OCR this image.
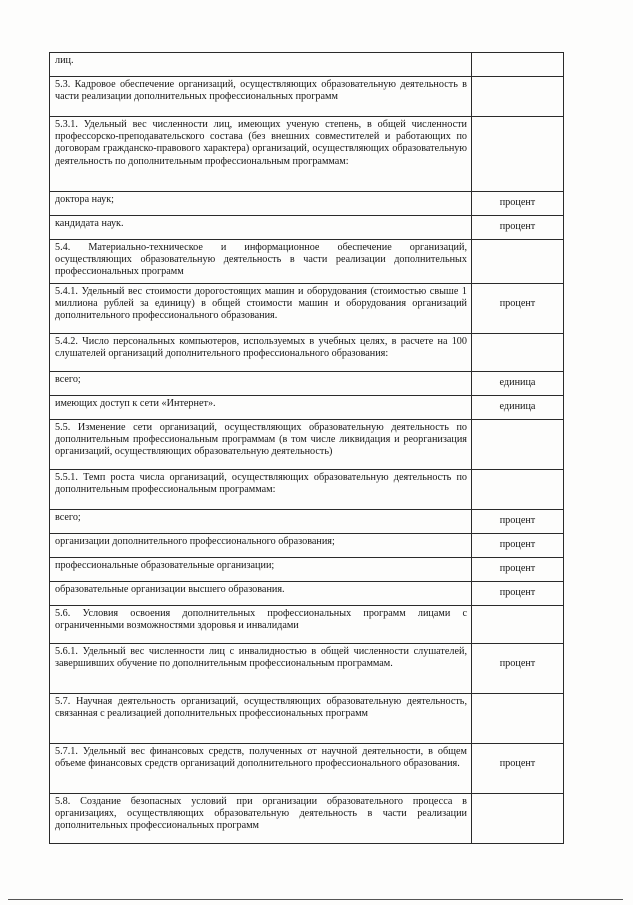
лиц.	
5.3. Кадровое обеспечение организаций, осуществляющих образовательную деятельность в части реализации дополнительных профессиональных программ	
5.3.1. Удельный вес численности лиц, имеющих ученую степень, в общей численности профессорско-преподавательского состава (без внешних совместителей и работающих по договорам гражданско-правового характера) организаций, осуществляющих образовательную деятельность по дополнительным профессиональным программам:	
доктора наук;	процент
кандидата наук.	процент
5.4. Материально-техническое и информационное обеспечение организаций, осуществляющих образовательную деятельность в части реализации дополнительных профессиональных программ	
5.4.1. Удельный вес стоимости дорогостоящих машин и оборудования (стоимостью свыше 1 миллиона рублей за единицу) в общей стоимости машин и оборудования организаций дополнительного профессионального образования.	процент
5.4.2. Число персональных компьютеров, используемых в учебных целях, в расчете на 100 слушателей организаций дополнительного профессионального образования:	
всего;	единица
имеющих доступ к сети «Интернет».	единица
5.5. Изменение сети организаций, осуществляющих образовательную деятельность по дополнительным профессиональным программам (в том числе ликвидация и реорганизация организаций, осуществляющих образовательную деятельность)	
5.5.1. Темп роста числа организаций, осуществляющих образовательную деятельность по дополнительным профессиональным программам:	
всего;	процент
организации дополнительного профессионального образования;	процент
профессиональные образовательные организации;	процент
образовательные организации высшего образования.	процент
5.6. Условия освоения дополнительных профессиональных программ лицами с ограниченными возможностями здоровья и инвалидами	
5.6.1. Удельный вес численности лиц с инвалидностью в общей численности слушателей, завершивших обучение по дополнительным профессиональным программам.	процент
5.7. Научная деятельность организаций, осуществляющих образовательную деятельность, связанная с реализацией дополнительных профессиональных программ	
5.7.1. Удельный вес финансовых средств, полученных от научной деятельности, в общем объеме финансовых средств организаций дополнительного профессионального образования.	процент
5.8. Создание безопасных условий при организации образовательного процесса в организациях, осуществляющих образовательную деятельность в части реализации дополнительных профессиональных программ	
